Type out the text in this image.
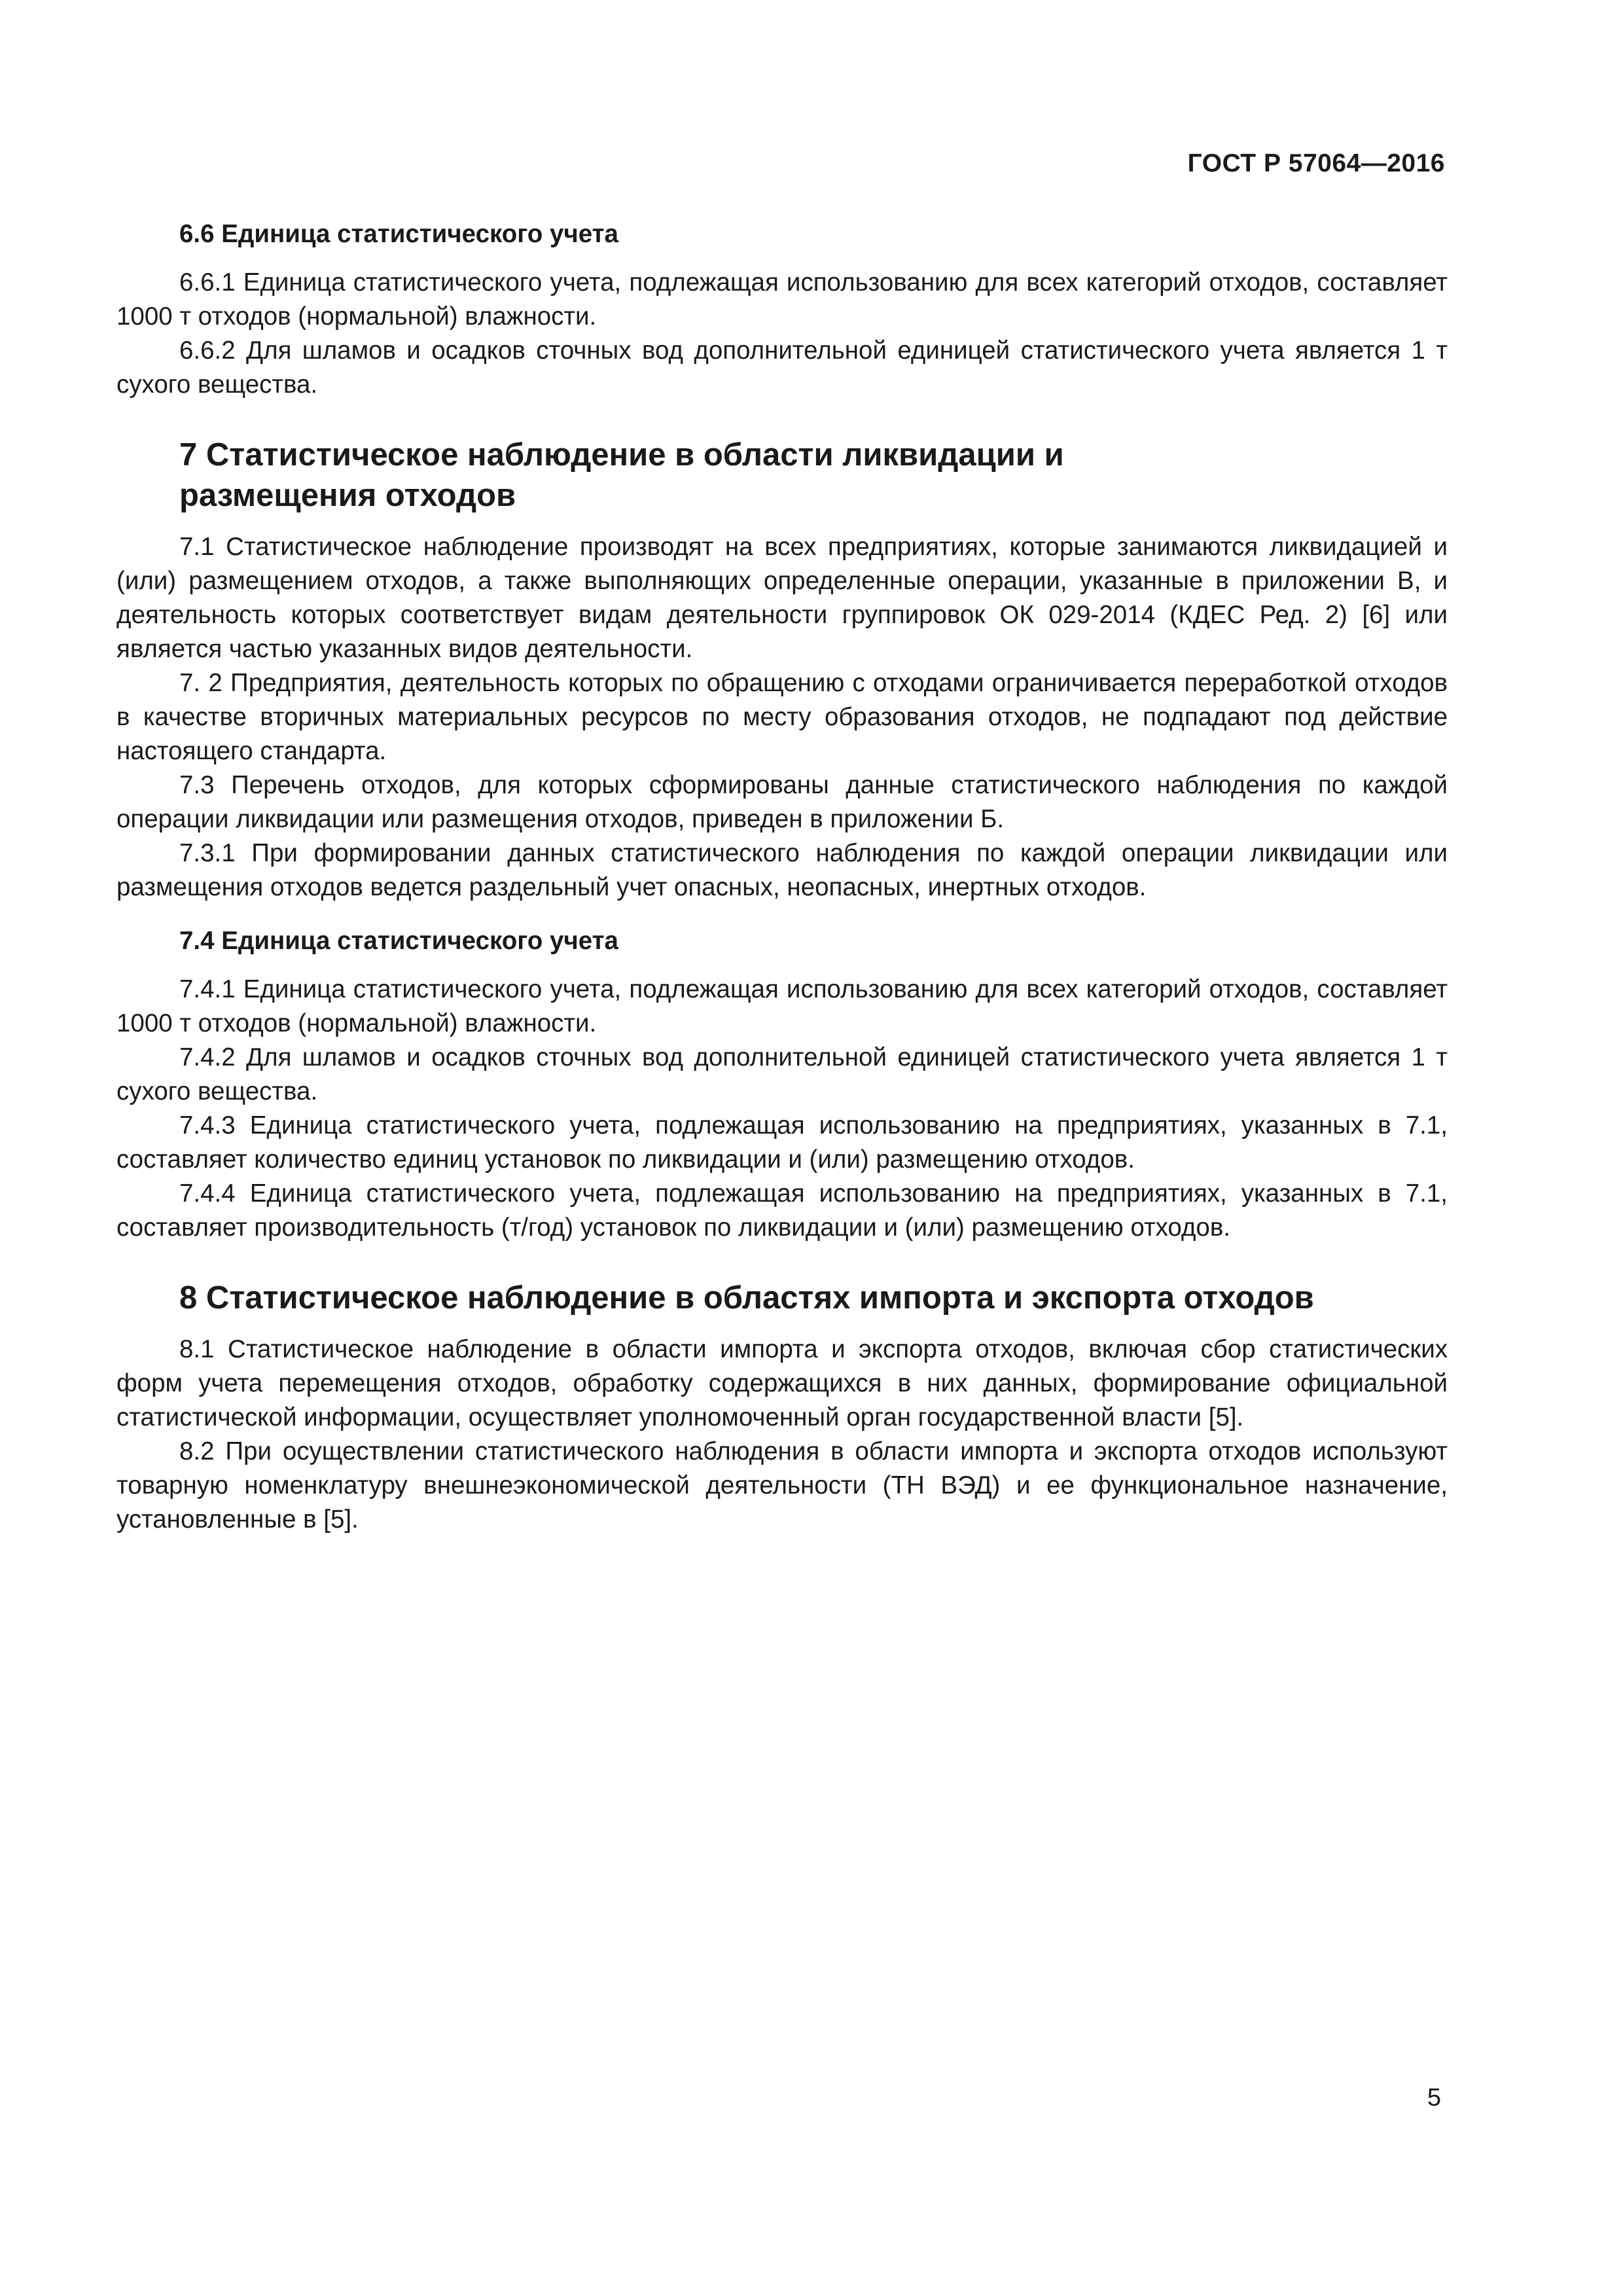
ГОСТ Р 57064—2016

6.6 Единица статистического учета

6.6.1 Единица статистического учета, подлежащая использованию для всех категорий отходов, составляет 1000 т отходов (нормальной) влажности.

6.6.2 Для шламов и осадков сточных вод дополнительной единицей статистического учета является 1 т сухого вещества.

7 Статистическое наблюдение в области ликвидации и размещения отходов

7.1 Статистическое наблюдение производят на всех предприятиях, которые занимаются ликвидацией и (или) размещением отходов, а также выполняющих определенные операции, указанные в приложении В, и деятельность которых соответствует видам деятельности группировок ОК 029-2014 (КДЕС Ред. 2) [6] или является частью указанных видов деятельности.

7. 2 Предприятия, деятельность которых по обращению с отходами ограничивается переработкой отходов в качестве вторичных материальных ресурсов по месту образования отходов, не подпадают под действие настоящего стандарта.

7.3 Перечень отходов, для которых сформированы данные статистического наблюдения по каждой операции ликвидации или размещения отходов, приведен в приложении Б.

7.3.1 При формировании данных статистического наблюдения по каждой операции ликвидации или размещения отходов ведется раздельный учет опасных, неопасных, инертных отходов.

7.4 Единица статистического учета

7.4.1 Единица статистического учета, подлежащая использованию для всех категорий отходов, составляет 1000 т отходов (нормальной) влажности.

7.4.2 Для шламов и осадков сточных вод дополнительной единицей статистического учета является 1 т сухого вещества.

7.4.3 Единица статистического учета, подлежащая использованию на предприятиях, указанных в 7.1, составляет количество единиц установок по ликвидации и (или) размещению отходов.

7.4.4 Единица статистического учета, подлежащая использованию на предприятиях, указанных в 7.1, составляет производительность (т/год) установок по ликвидации и (или) размещению отходов.

8 Статистическое наблюдение в областях импорта и экспорта отходов

8.1 Статистическое наблюдение в области импорта и экспорта отходов, включая сбор статистических форм учета перемещения отходов, обработку содержащихся в них данных, формирование официальной статистической информации, осуществляет уполномоченный орган государственной власти [5].

8.2 При осуществлении статистического наблюдения в области импорта и экспорта отходов используют товарную номенклатуру внешнеэкономической деятельности (ТН ВЭД) и ее функциональное назначение, установленные в [5].

5
